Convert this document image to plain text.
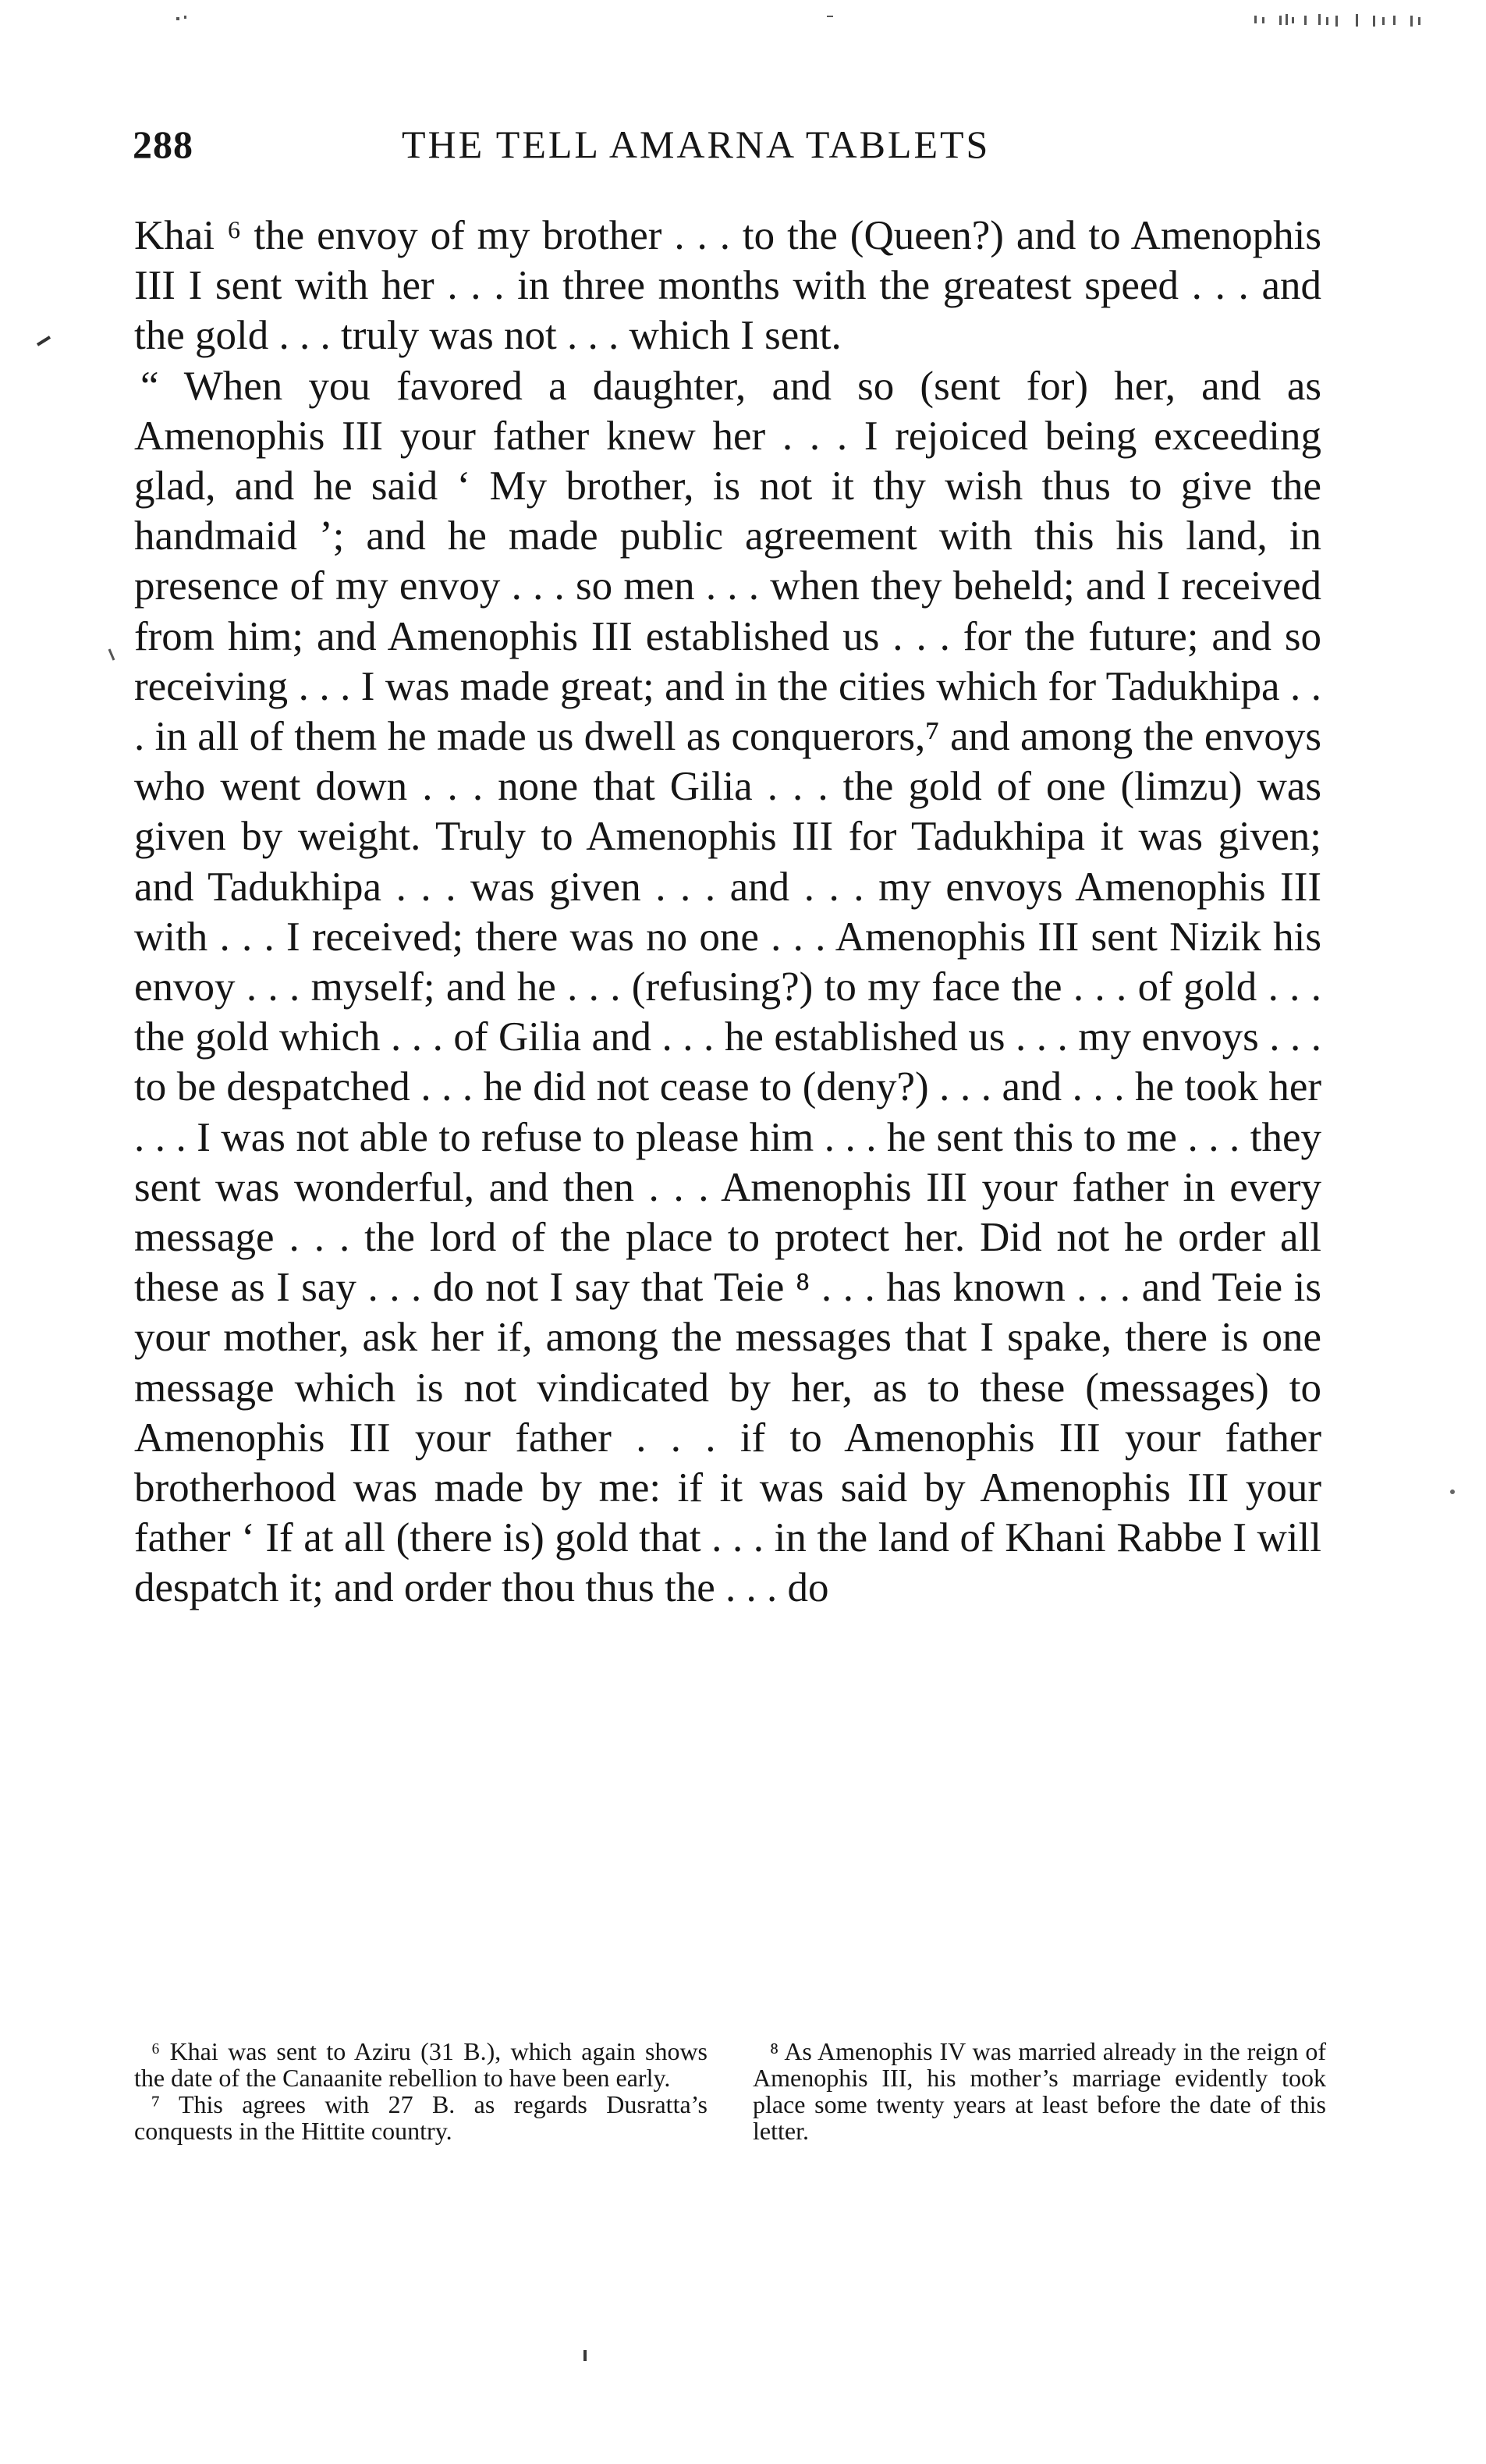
288	THE TELL AMARNA TABLETS

Khai ⁶ the envoy of my brother . . . to the (Queen?) and to Amenophis III I sent with her . . . in three months with the greatest speed . . . and the gold . . . truly was not . . . which I sent.

“ When you favored a daughter, and so (sent for) her, and as Amenophis III your father knew her . . . I rejoiced being exceeding glad, and he said ‘ My brother, is not it thy wish thus to give the handmaid ’; and he made public agreement with this his land, in presence of my envoy . . . so men . . . when they beheld; and I received from him; and Amenophis III established us . . . for the future; and so receiving . . . I was made great; and in the cities which for Tadukhipa . . . in all of them he made us dwell as conquerors,⁷ and among the envoys who went down . . . none that Gilia . . . the gold of one (limzu) was given by weight. Truly to Amenophis III for Tadukhipa it was given; and Tadukhipa . . . was given . . . and . . . my envoys Amenophis III with . . . I received; there was no one . . . Amenophis III sent Nizik his envoy . . . myself; and he . . . (refusing?) to my face the . . . of gold . . . the gold which . . . of Gilia and . . . he established us . . . my envoys . . . to be despatched . . . he did not cease to (deny?) . . . and . . . he took her . . . I was not able to refuse to please him . . . he sent this to me . . . they sent was wonderful, and then . . . Amenophis III your father in every message . . . the lord of the place to protect her. Did not he order all these as I say . . . do not I say that Teie ⁸ . . . has known . . . and Teie is your mother, ask her if, among the messages that I spake, there is one message which is not vindicated by her, as to these (messages) to Amenophis III your father . . . if to Amenophis III your father brotherhood was made by me: if it was said by Amenophis III your father ‘ If at all (there is) gold that . . . in the land of Khani Rabbe I will despatch it; and order thou thus the . . . do

⁶ Khai was sent to Aziru (31 B.), which again shows the date of the Canaanite rebellion to have been early.

⁷ This agrees with 27 B. as regards Dusratta’s conquests in the Hittite country.

⁸ As Amenophis IV was married already in the reign of Amenophis III, his mother’s marriage evidently took place some twenty years at least before the date of this letter.
